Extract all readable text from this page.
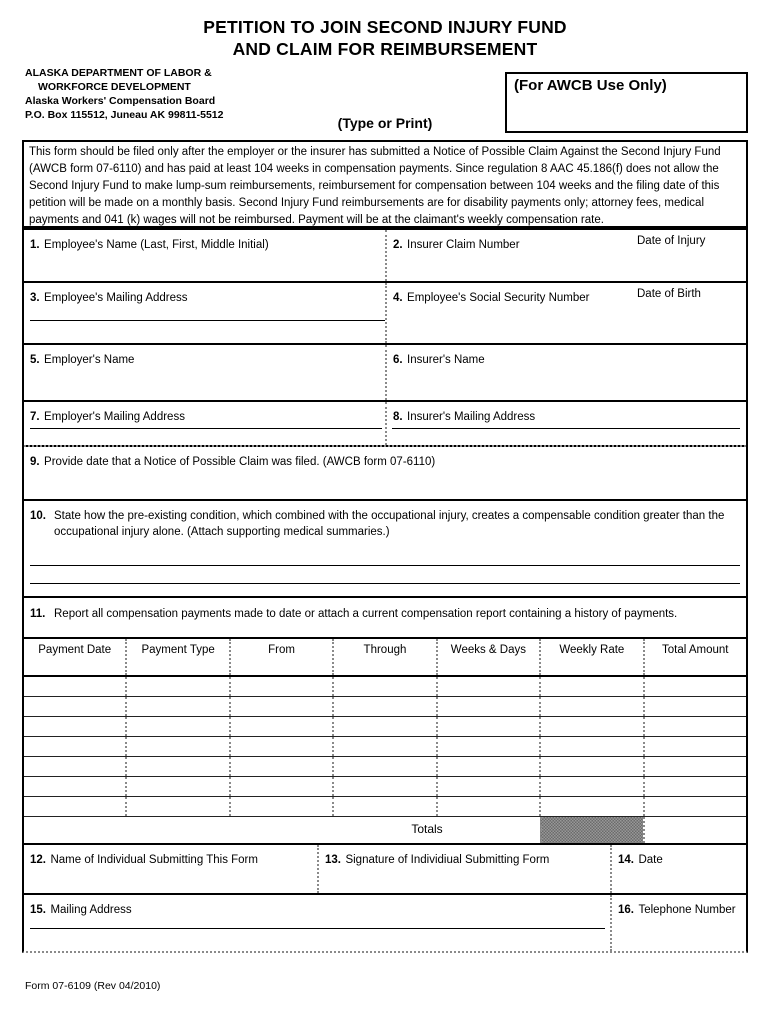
PETITION TO JOIN SECOND INJURY FUND
AND CLAIM FOR REIMBURSEMENT
ALASKA DEPARTMENT OF LABOR &
WORKFORCE DEVELOPMENT
Alaska Workers' Compensation Board
P.O. Box 115512, Juneau AK 99811-5512	(Type or Print)
(For AWCB Use Only)
This form should be filed only after the employer or the insurer has submitted a Notice of Possible Claim Against the Second Injury Fund (AWCB form 07-6110) and has paid at least 104 weeks in compensation payments. Since regulation 8 AAC 45.186(f) does not allow the Second Injury Fund to make lump-sum reimbursements, reimbursement for compensation between 104 weeks and the filing date of this petition will be made on a monthly basis. Second Injury Fund reimbursements are for disability payments only; attorney fees, medical payments and 041 (k) wages will not be reimbursed. Payment will be at the claimant's weekly compensation rate.
1. Employee's Name (Last, First, Middle Initial)	2. Insurer Claim Number	Date of Injury
3. Employee's Mailing Address	4. Employee's Social Security Number	Date of Birth
5. Employer's Name	6. Insurer's Name
7. Employer's Mailing Address	8. Insurer's Mailing Address
9. Provide date that a Notice of Possible Claim was filed. (AWCB form 07-6110)
10. State how the pre-existing condition, which combined with the occupational injury, creates a compensable condition greater than the occupational injury alone. (Attach supporting medical summaries.)
11. Report all compensation payments made to date or attach a current compensation report containing a history of payments.
Payment Date	Payment Type	From	Through	Weeks & Days	Weekly Rate	Total Amount
Totals
12. Name of Individual Submitting This Form	13. Signature of Individiual Submitting Form	14. Date
15. Mailing Address	16. Telephone Number
Form 07-6109 (Rev 04/2010)
